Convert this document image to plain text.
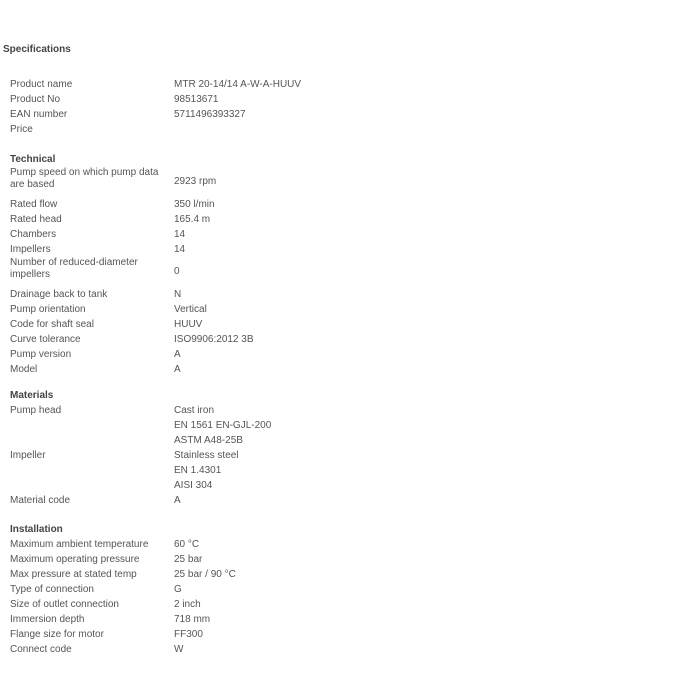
Specifications
Product name	MTR 20-14/14 A-W-A-HUUV
Product No	98513671
EAN number	5711496393327
Price
Technical
Pump speed on which pump data are based	2923 rpm
Rated flow	350 l/min
Rated head	165.4 m
Chambers	14
Impellers	14
Number of reduced-diameter impellers	0
Drainage back to tank	N
Pump orientation	Vertical
Code for shaft seal	HUUV
Curve tolerance	ISO9906:2012 3B
Pump version	A
Model	A
Materials
Pump head	Cast iron
EN 1561 EN-GJL-200
ASTM A48-25B
Impeller	Stainless steel
EN 1.4301
AISI 304
Material code	A
Installation
Maximum ambient temperature	60 °C
Maximum operating pressure	25 bar
Max pressure at stated temp	25 bar / 90 °C
Type of connection	G
Size of outlet connection	2 inch
Immersion depth	718 mm
Flange size for motor	FF300
Connect code	W
